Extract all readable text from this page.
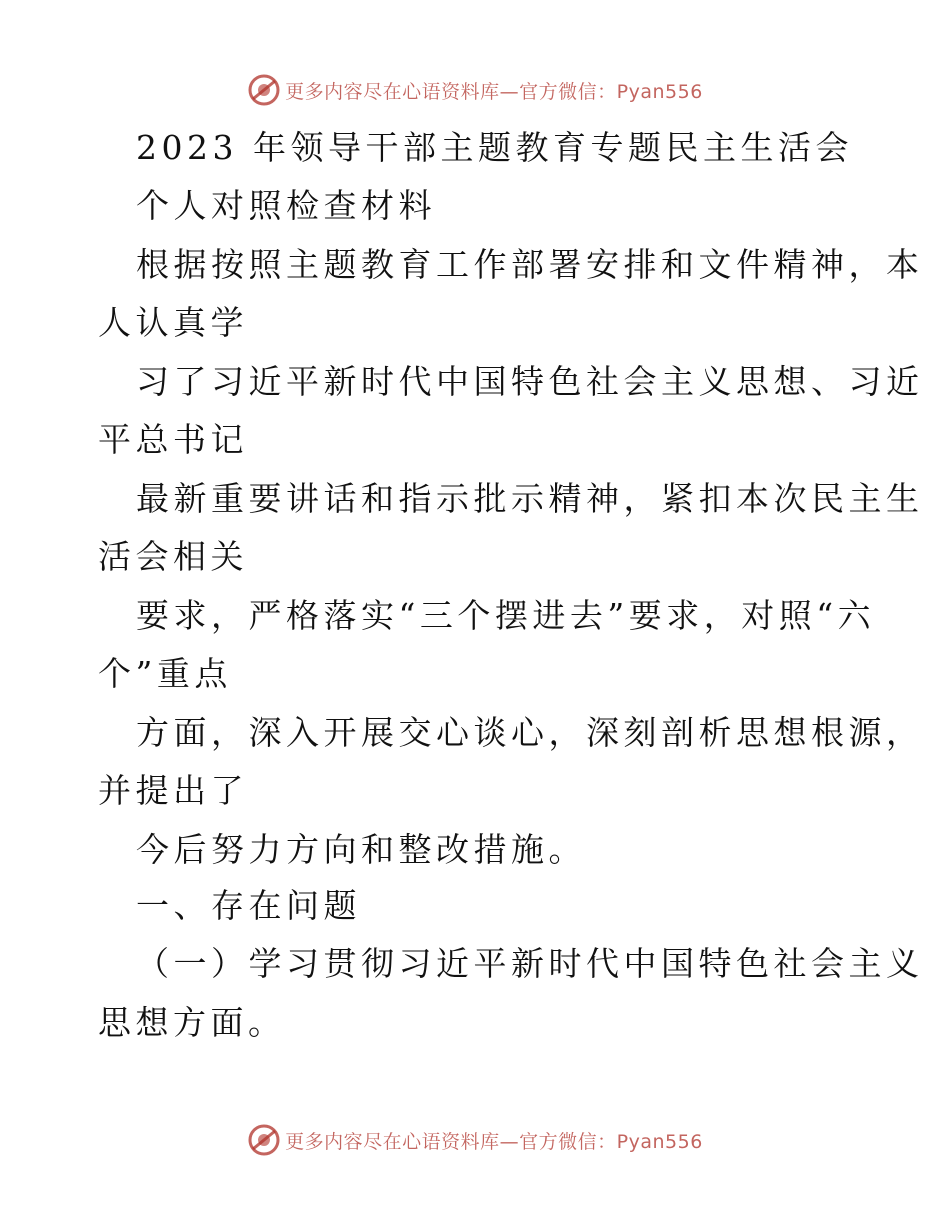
更多内容尽在心语资料库—官方微信：Pyan556
2023 年领导干部主题教育专题民主生活会
个人对照检查材料
根据按照主题教育工作部署安排和文件精神，本
人认真学
习了习近平新时代中国特色社会主义思想、习近
平总书记
最新重要讲话和指示批示精神，紧扣本次民主生
活会相关
要求，严格落实“三个摆进去”要求，对照“六
个”重点
方面，深入开展交心谈心，深刻剖析思想根源，
并提出了
今后努力方向和整改措施。
一、存在问题
（一）学习贯彻习近平新时代中国特色社会主义
思想方面。
更多内容尽在心语资料库—官方微信：Pyan556
